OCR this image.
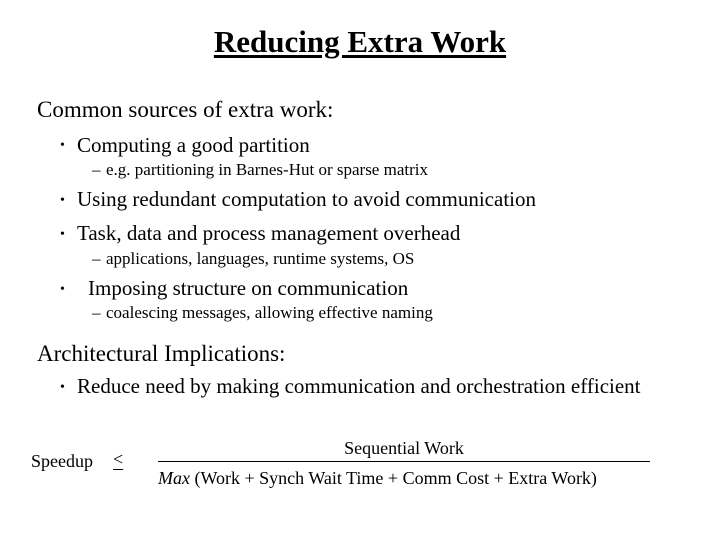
Reducing Extra Work
Common sources of extra work:
• Computing a good partition
– e.g. partitioning in Barnes-Hut or sparse matrix
• Using redundant computation to avoid communication
• Task, data and process management overhead
– applications, languages, runtime systems, OS
• Imposing structure on communication
– coalescing messages, allowing effective naming
Architectural Implications:
• Reduce need by making communication and orchestration efficient
Speedup <
Sequential Work
Max (Work + Synch Wait Time + Comm Cost + Extra Work)
